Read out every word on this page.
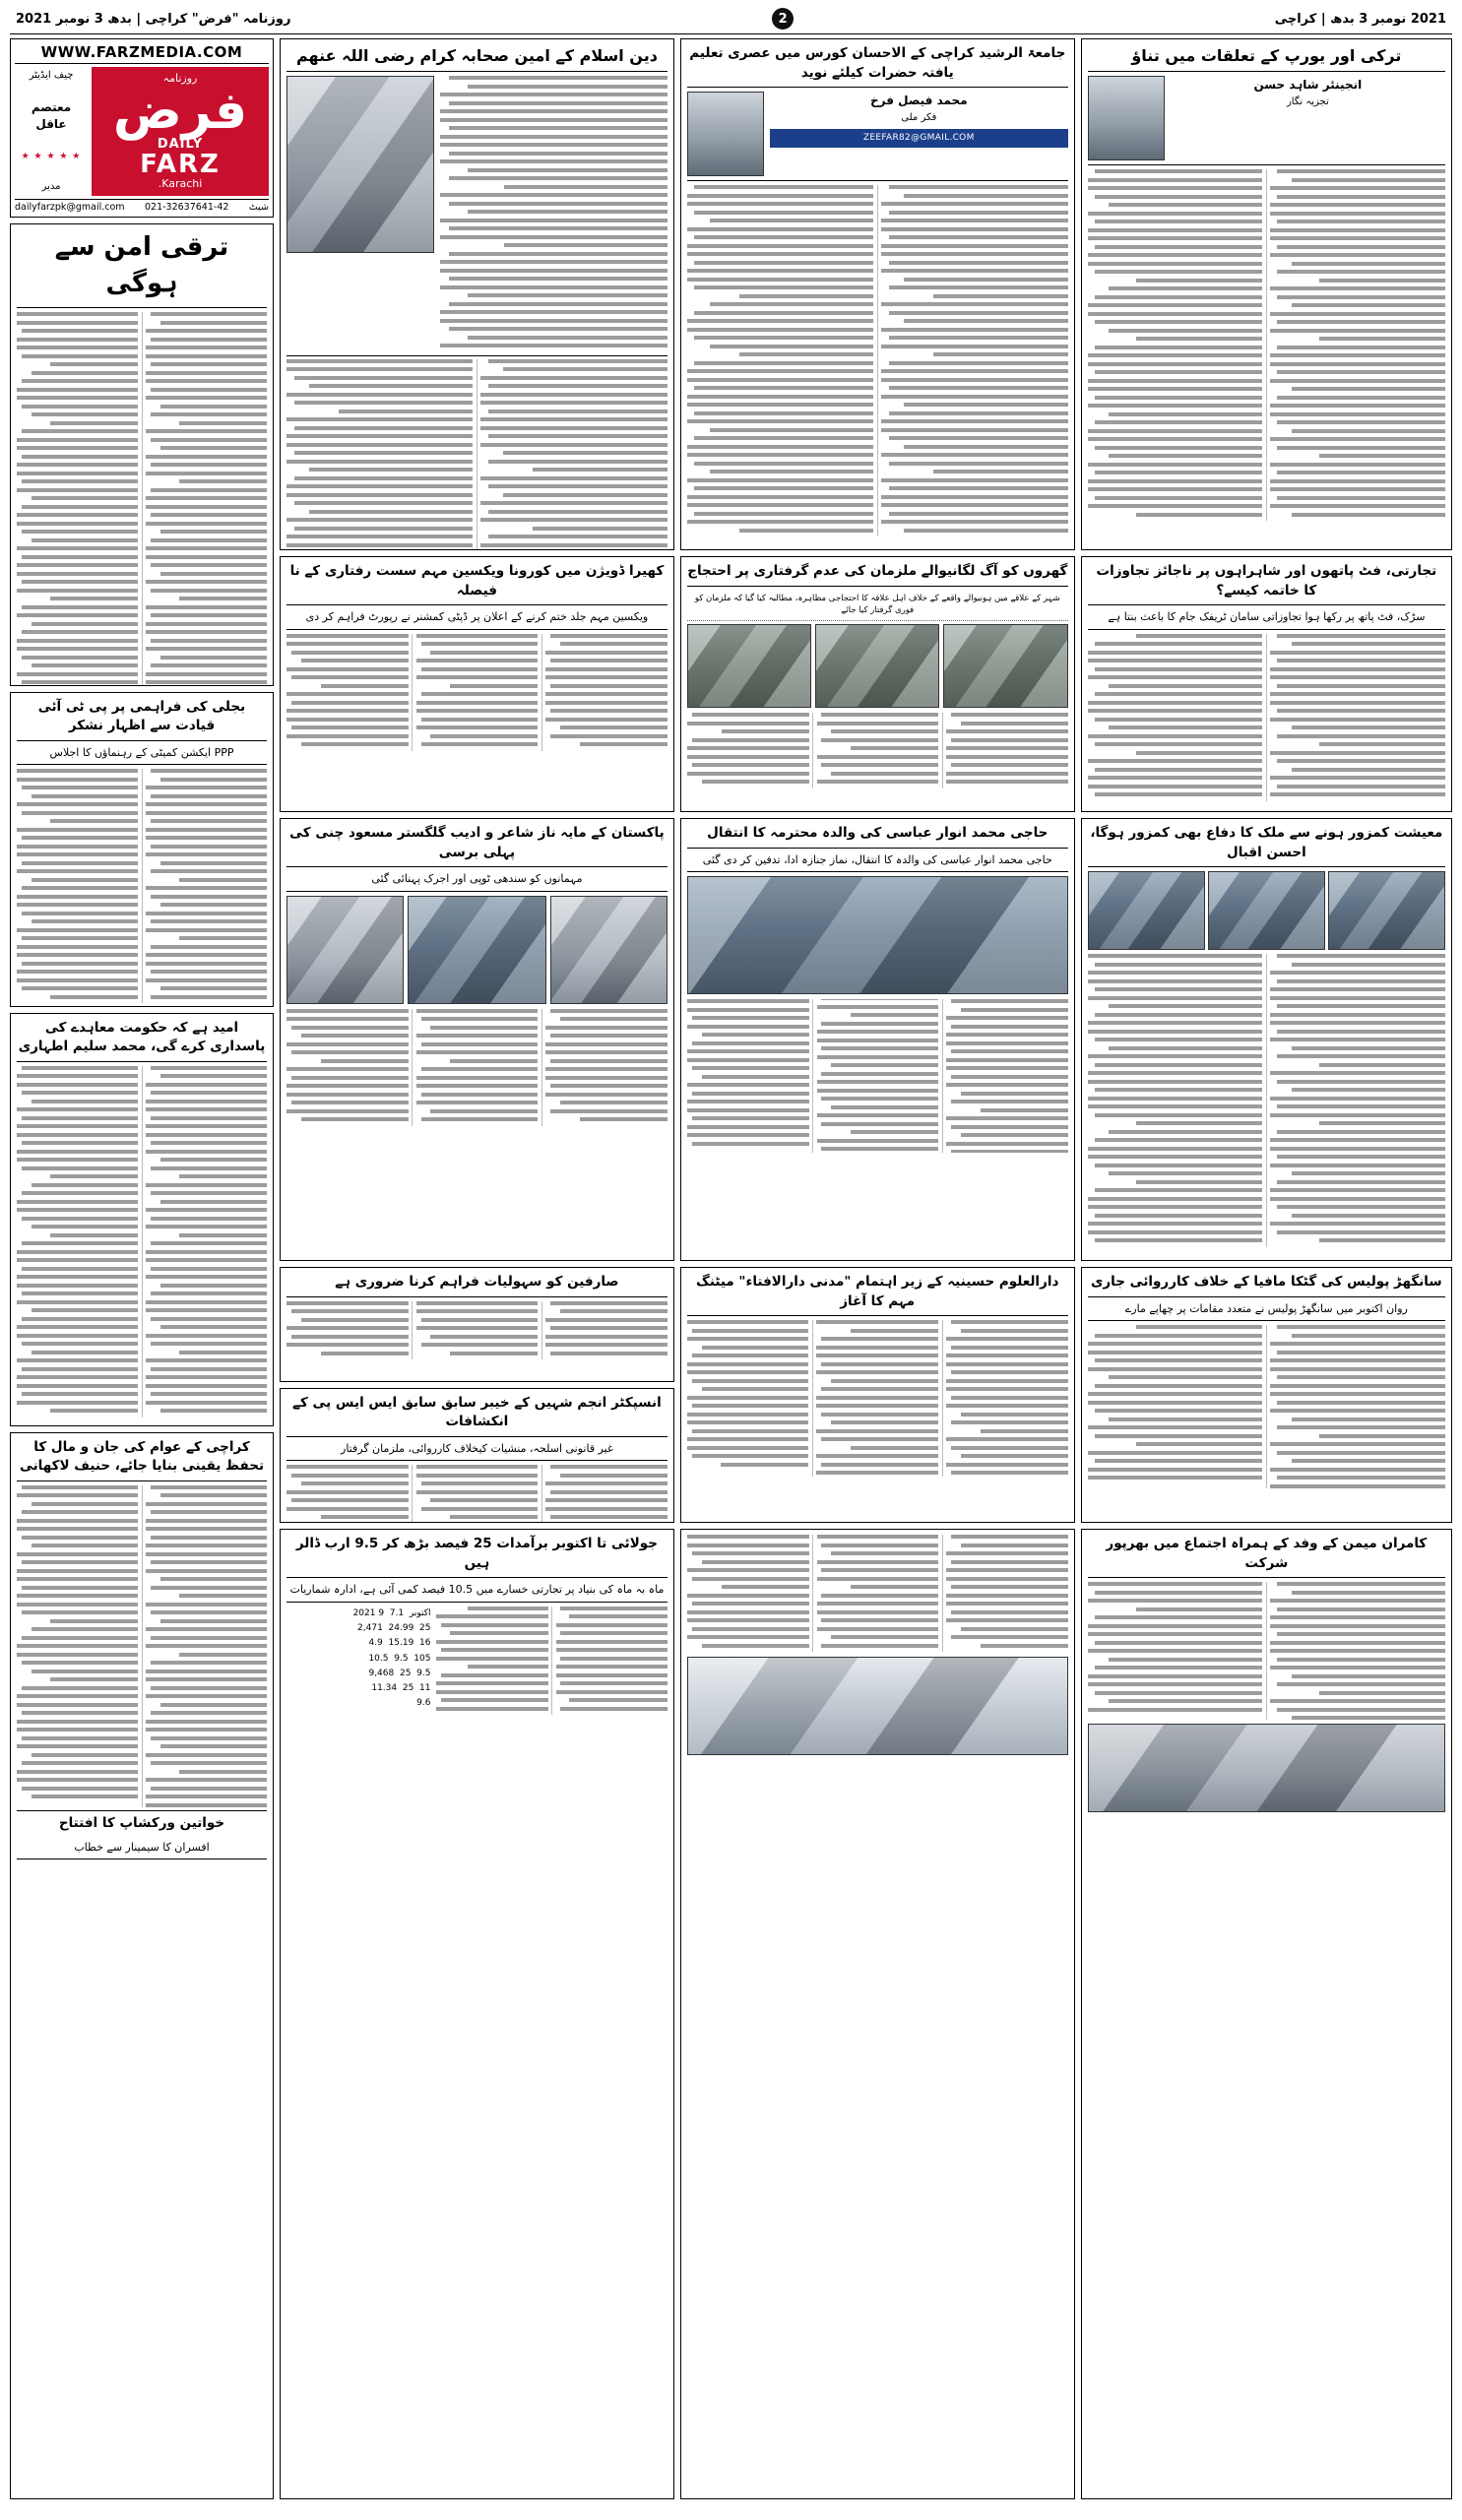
روزنامہ "فرض" کراچی | بدھ 3 نومبر 2021	2	2021 نومبر 3 بدھ | کراچی
ترکی اور یورپ کے تعلقات میں تناؤ
انجینئر شاہد حسن
تجزیہ نگار
جامعۃ الرشید کراچی کے الاحسان کورس میں عصری تعلیم یافتہ حضرات کیلئے نوید
محمد فیصل فرخ
فکر ملی
ZEEFAR82@GMAIL.COM
دین اسلام کے امین صحابہ کرام رضی اللہ عنھم
تجارتی، فٹ پاتھوں اور شاہراہوں پر ناجائز تجاوزات کا خاتمہ کیسے؟
سڑک، فٹ پاتھ پر رکھا ہوا تجاوزاتی سامان ٹریفک جام کا باعث بنتا ہے
گھروں کو آگ لگانیوالے ملزمان کی عدم گرفتاری پر احتجاج
شہر کے علاقے میں ہونیوالے واقعے کے خلاف اہل علاقہ کا احتجاجی مظاہرہ، مطالبہ کیا گیا کہ ملزمان کو فوری گرفتار کیا جائے
کھیرا ڈویژن میں کورونا ویکسین مہم سست رفتاری کے نا فیصلہ
ویکسین مہم جلد ختم کرنے کے اعلان پر ڈپٹی کمشنر نے رپورٹ فراہم کر دی
معیشت کمزور ہونے سے ملک کا دفاع بھی کمزور ہوگا، احسن اقبال
حاجی محمد انوار عباسی کی والدہ محترمہ کا انتقال
حاجی محمد انوار عباسی کی والدہ کا انتقال، نماز جنازہ ادا، تدفین کر دی گئی
پاکستان کے مایہ ناز شاعر و ادیب گلگستر مسعود چنی کی پہلی برسی
مہمانوں کو سندھی ٹوپی اور اجرک پہنائی گئی
سانگھڑ پولیس کی گٹکا مافیا کے خلاف کارروائی جاری
روان اکتوبر میں سانگھڑ پولیس نے متعدد مقامات پر چھاپے مارے
دارالعلوم حسینیہ کے زیر اہتمام "مدنی دارالافتاء" میٹنگ مہم کا آغاز
صارفین کو سہولیات فراہم کرنا ضروری ہے
انسپکٹر انجم شہیں کے خیبر سابق سابق ایس ایس پی کے انکشافات
غیر قانونی اسلحہ، منشیات کیخلاف کارروائی، ملزمان گرفتار
کامران میمن کے وفد کے ہمراہ اجتماع میں بھرپور شرکت
جولائی تا اکتوبر برآمدات 25 فیصد بڑھ کر 9.5 ارب ڈالر ہیں
ماہ بہ ماہ کی بنیاد پر تجارتی خسارے میں 10.5 فیصد کمی آئی ہے، ادارہ شماریات
2021 اکتوبر  7.1  9
2,471 24.99 25
4.9 15.19 16
10.5 9.5 105
9,468 25 9.5
11.34 25 11
9.6
WWW.FARZMEDIA.COM
چیف ایڈیٹر
معتصم عاقل
★ ★ ★ ★ ★
مدیر
روزنامہ
فرض
DAILY
FARZ
Karachi.
dailyfarzpk@gmail.com 021-32637641-42 شیٹ
ترقی امن سے ہوگی
بجلی کی فراہمی پر پی ٹی آئی قیادت سے اظہار نشکر
PPP ایکشن کمیٹی کے رہنماؤں کا اجلاس
امید ہے کہ حکومت معاہدے کی پاسداری کرے گی، محمد سلیم اطہاری
کراچی کے عوام کی جان و مال کا تحفظ یقینی بنایا جائے، حنیف لاکھانی
خواتین ورکشاپ کا افتتاح
افسران کا سیمینار سے خطاب
